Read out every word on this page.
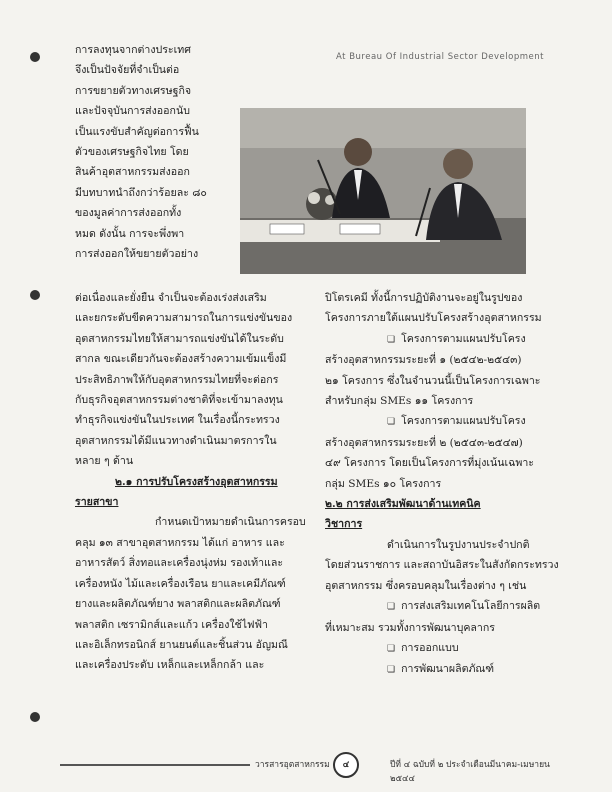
การลงทุนจากต่างประเทศ
จึงเป็นปัจจัยที่จำเป็นต่อ
การขยายตัวทางเศรษฐกิจ
และปัจจุบันการส่งออกนับ
เป็นแรงขับสำคัญต่อการฟื้น
ตัวของเศรษฐกิจไทย โดย
สินค้าอุตสาหกรรมส่งออก
มีบทบาทนำถึงกว่าร้อยละ ๘๐
ของมูลค่าการส่งออกทั้ง
หมด ดังนั้น การจะพึ่งพา
การส่งออกให้ขยายตัวอย่าง
At Bureau Of Industrial Sector Development
ต่อเนื่องและยั่งยืน จำเป็นจะต้องเร่งส่งเสริม
และยกระดับขีดความสามารถในการแข่งขันของ
อุตสาหกรรมไทยให้สามารถแข่งขันได้ในระดับ
สากล ขณะเดียวกันจะต้องสร้างความเข้มแข็งมี
ประสิทธิภาพให้กับอุตสาหกรรมไทยที่จะต่อกร
กับธุรกิจอุตสาหกรรมต่างชาติที่จะเข้ามาลงทุน
ทำธุรกิจแข่งขันในประเทศ ในเรื่องนี้กระทรวง
อุตสาหกรรมได้มีแนวทางดำเนินมาตรการใน
หลาย ๆ ด้าน
๒.๑ การปรับโครงสร้างอุตสาหกรรม
รายสาขา
กำหนดเป้าหมายดำเนินการครอบ
คลุม ๑๓ สาขาอุตสาหกรรม ได้แก่ อาหาร และ
อาหารสัตว์ สิ่งทอและเครื่องนุ่งห่ม รองเท้าและ
เครื่องหนัง ไม้และเครื่องเรือน ยาและเคมีภัณฑ์
ยางและผลิตภัณฑ์ยาง พลาสติกและผลิตภัณฑ์
พลาสติก เซรามิกส์และแก้ว เครื่องใช้ไฟฟ้า
และอิเล็กทรอนิกส์ ยานยนต์และชิ้นส่วน อัญมณี
และเครื่องประดับ เหล็กและเหล็กกล้า และ
ปิโตรเคมี ทั้งนี้การปฏิบัติงานจะอยู่ในรูปของ
โครงการภายใต้แผนปรับโครงสร้างอุตสาหกรรม
❏ โครงการตามแผนปรับโครง
สร้างอุตสาหกรรมระยะที่ ๑ (๒๕๔๒-๒๕๔๓)
๒๑ โครงการ ซึ่งในจำนวนนี้เป็นโครงการเฉพาะ
สำหรับกลุ่ม SMEs ๑๑ โครงการ
❏ โครงการตามแผนปรับโครง
สร้างอุตสาหกรรมระยะที่ ๒ (๒๕๔๓-๒๕๔๗)
๔๙ โครงการ โดยเป็นโครงการที่มุ่งเน้นเฉพาะ
กลุ่ม SMEs ๑๐ โครงการ
๒.๒ การส่งเสริมพัฒนาด้านเทคนิค
วิชาการ
ดำเนินการในรูปงานประจำปกติ
โดยส่วนราชการ และสถาบันอิสระในสังกัดกระทรวง
อุตสาหกรรม ซึ่งครอบคลุมในเรื่องต่าง ๆ เช่น
❏ การส่งเสริมเทคโนโลยีการผลิต
ที่เหมาะสม รวมทั้งการพัฒนาบุคลากร
❏ การออกแบบ
❏ การพัฒนาผลิตภัณฑ์
วารสารอุตสาหกรรม	๔	ปีที่ ๔ ฉบับที่ ๒ ประจำเดือนมีนาคม-เมษายน ๒๕๔๔
